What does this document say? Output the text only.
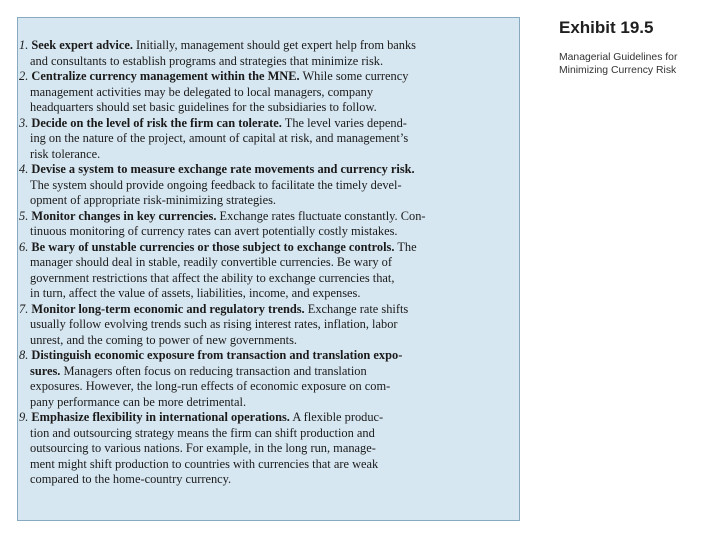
1. Seek expert advice. Initially, management should get expert help from banks
and consultants to establish programs and strategies that minimize risk.
2. Centralize currency management within the MNE. While some currency
management activities may be delegated to local managers, company
headquarters should set basic guidelines for the subsidiaries to follow.
3. Decide on the level of risk the firm can tolerate. The level varies depend-
ing on the nature of the project, amount of capital at risk, and management’s
risk tolerance.
4. Devise a system to measure exchange rate movements and currency risk.
The system should provide ongoing feedback to facilitate the timely devel-
opment of appropriate risk-minimizing strategies.
5. Monitor changes in key currencies. Exchange rates fluctuate constantly. Con-
tinuous monitoring of currency rates can avert potentially costly mistakes.
6. Be wary of unstable currencies or those subject to exchange controls. The
manager should deal in stable, readily convertible currencies. Be wary of
government restrictions that affect the ability to exchange currencies that,
in turn, affect the value of assets, liabilities, income, and expenses.
7. Monitor long-term economic and regulatory trends. Exchange rate shifts
usually follow evolving trends such as rising interest rates, inflation, labor
unrest, and the coming to power of new governments.
8. Distinguish economic exposure from transaction and translation expo-
sures. Managers often focus on reducing transaction and translation
exposures. However, the long-run effects of economic exposure on com-
pany performance can be more detrimental.
9. Emphasize flexibility in international operations. A flexible produc-
tion and outsourcing strategy means the firm can shift production and
outsourcing to various nations. For example, in the long run, manage-
ment might shift production to countries with currencies that are weak
compared to the home-country currency.
Exhibit 19.5
Managerial Guidelines for
Minimizing Currency Risk
